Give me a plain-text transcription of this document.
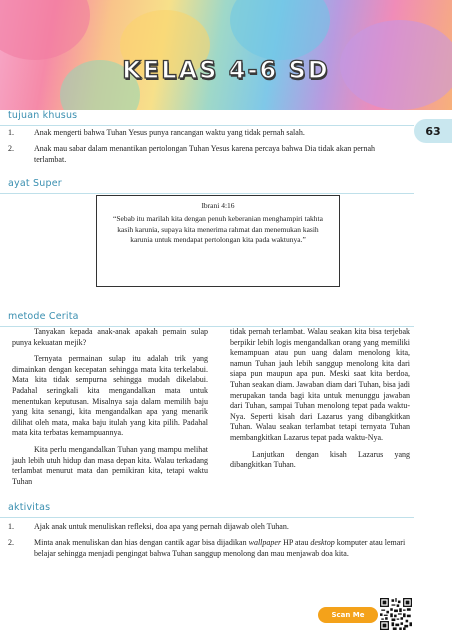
KELAS 4-6 SD
63
tujuan khusus
1.	Anak mengerti bahwa Tuhan Yesus punya rancangan waktu yang tidak pernah salah.
2.	Anak mau sabar dalam menantikan pertolongan Tuhan Yesus karena percaya bahwa Dia tidak akan pernah terlambat.
ayat Super
Ibrani 4:16
“Sebab itu marilah kita dengan penuh keberanian menghampiri takhta kasih karunia, supaya kita menerima rahmat dan menemukan kasih karunia untuk mendapat pertolongan kita pada waktunya.”
metode Cerita

Tanyakan kepada anak-anak apakah pemain sulap punya kekuatan mejik?

Ternyata permainan sulap itu adalah trik yang dimainkan dengan kecepatan sehingga mata kita terkelabui. Mata kita tidak sempurna sehingga mudah dikelabui. Padahal seringkali kita mengandalkan mata untuk menentukan keputusan. Misalnya saja dalam memilih baju yang kita senangi, kita mengandalkan apa yang menarik dilihat oleh mata, maka baju itulah yang kita pilih. Padahal mata kita terbatas kemampuannya.

Kita perlu mengandalkan Tuhan yang mampu melihat jauh lebih utuh hidup dan masa depan kita. Walau terkadang terlambat menurut mata dan pemikiran kita, tetapi waktu Tuhan

tidak pernah terlambat. Walau seakan kita bisa terjebak berpikir lebih logis mengandalkan orang yang memiliki kemampuan atau pun uang dalam menolong kita, namun Tuhan jauh lebih sanggup menolong kita dari siapa pun maupun apa pun. Meski saat kita berdoa, Tuhan seakan diam. Jawaban diam dari Tuhan, bisa jadi merupakan tanda bagi kita untuk menunggu jawaban dari Tuhan, sampai Tuhan menolong tepat pada waktu-Nya. Seperti kisah dari Lazarus yang dibangkitkan Tuhan. Walau seakan terlambat tetapi ternyata Tuhan membangkitkan Lazarus tepat pada waktu-Nya.

Lanjutkan dengan kisah Lazarus yang dibangkitkan Tuhan.

aktivitas
1.	Ajak anak untuk menuliskan refleksi, doa apa yang pernah dijawab oleh Tuhan.
2.	Minta anak menuliskan dan hias dengan cantik agar bisa dijadikan wallpaper HP atau desktop komputer atau lemari belajar sehingga menjadi pengingat bahwa Tuhan sanggup menolong dan mau menjawab doa kita.
Scan Me
